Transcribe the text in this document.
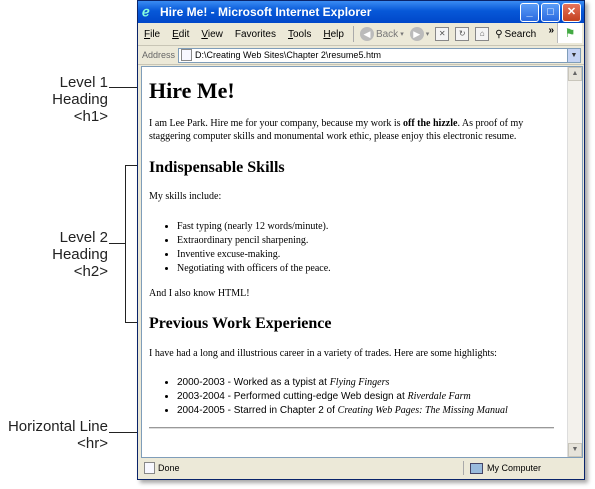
Level 1 Heading
<h1>
Level 2 Heading
<h2>
Horizontal Line
<hr>
ℯ Hire Me! - Microsoft Internet Explorer	_	□	✕
File	Edit	View	Favorites	Tools	Help	◀ Back ▾	▶ ▾	✕	↻	⌂	⚲ Search » ⚑
Address D:\Creating Web Sites\Chapter 2\resume5.htm	▼
Hire Me!

I am Lee Park. Hire me for your company, because my work is off the hizzle. As proof of my staggering computer skills and monumental work ethic, please enjoy this electronic resume.

Indispensable Skills

My skills include:

• Fast typing (nearly 12 words/minute).
• Extraordinary pencil sharpening.
• Inventive excuse-making.
• Negotiating with officers of the peace.

And I also know HTML!

Previous Work Experience

I have had a long and illustrious career in a variety of trades. Here are some highlights:

• 2000-2003 - Worked as a typist at Flying Fingers
• 2003-2004 - Performed cutting-edge Web design at Riverdale Farm
• 2004-2005 - Starred in Chapter 2 of Creating Web Pages: The Missing Manual
▲
▼
Done	My Computer
